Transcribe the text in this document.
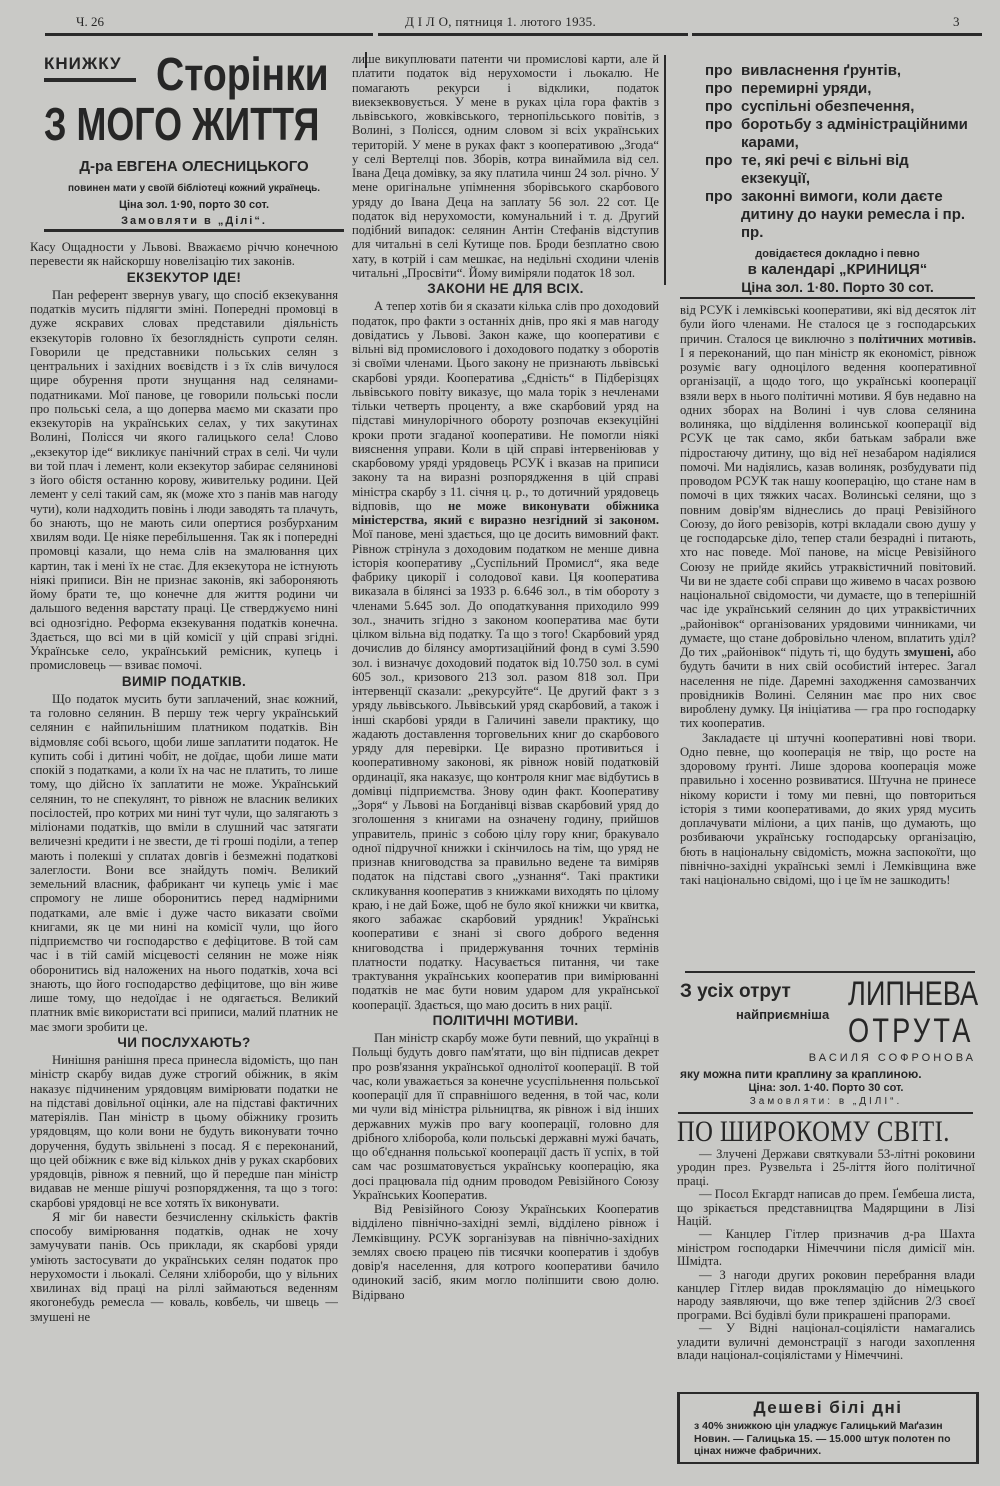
Ч. 26	Д І Л О, пятниця 1. лютого 1935.	3
КНИЖКУ Сторінки
З МОГО ЖИТТЯ
Д-ра ЕВГЕНА ОЛЕСНИЦЬКОГО
повинен мати у своїй бібліотеці кожний українець.
Ціна зол. 1·90, порто 30 сот.
Замовляти в „Ділі“.
про вивласнення ґрунтів,
про перемирні уряди,
про суспільні обезпечення,
про боротьбу з адміністраційними карами,
про те, які речі є вільні від екзекуції,
про законні вимоги, коли даєте дитину до науки ремесла і пр. пр.
довідаєтеся докладно і певно
в календарі „КРИНИЦЯ“
Ціна зол. 1·80. Порто 30 сот.

Касу Ощадности у Львові. Вважаємо річчю конечною перевести як найскоршу новелізацію тих законів.

ЕКЗЕКУТОР ІДЕ!

Пан референт звернув увагу, що спосіб екзекування податків мусить підлягти зміні. Попередні промовці в дуже яскравих словах представили діяльність екзекуторів головно їх безоглядність супроти селян. Говорили це представники польських селян з центральних і західних воєвідств і з їх слів вичулося щире обурення проти знущання над селянами-податниками. Мої панове, це говорили польські посли про польські села, а що доперва маємо ми сказати про екзекуторів на українських селах, у тих закутинах Волині, Полісся чи якого галицького села! Слово „екзекутор іде“ викликує панічний страх в селі. Чи чули ви той плач і лемент, коли екзекутор забирає селянинові з його обістя останню корову, живительку родини. Цей лемент у селі такий сам, як (може хто з панів мав нагоду чути), коли надходить повінь і люди заводять та плачуть, бо знають, що не мають сили опертися розбурханим хвилям води. Це ніяке перебільшення. Так як і попередні промовці казали, що нема слів на змалювання цих картин, так і мені їх не стає. Для екзекутора не істнують ніякі приписи. Він не признає законів, які забороняють йому брати те, що конечне для життя родини чи дальшого ведення варстату праці. Це стверджуємо нині всі однозгідно. Реформа екзекування податків конечна. Здається, що всі ми в цій комісії у цій справі згідні. Українське село, український ремісник, купець і промисловець — взиває помочі.

ВИМІР ПОДАТКІВ.

Що податок мусить бути заплачений, знає кожний, та головно селянин. В першу теж чергу український селянин є найпильнішим платником податків. Він відмовляє собі всього, щоби лише заплатити податок. Не купить собі і дитині чобіт, не доїдає, щоби лише мати спокій з податками, а коли їх на час не платить, то лише тому, що дійсно їх заплатити не може. Український селянин, то не спекулянт, то рівнож не власник великих посілостей, про котрих ми нині тут чули, що залягають з міліонами податків, що вміли в слушний час затягати величезні кредити і не звести, де ті гроші поділи, а тепер мають і полекші у сплатах довгів і безмежні податкові залеглости. Вони все знайдуть поміч. Великий земельний власник, фабрикант чи купець уміє і має спромогу не лише оборонитись перед надмірними податками, але вміє і дуже часто виказати своїми книгами, як це ми нині на комісії чули, що його підприємство чи господарство є дефіцитове. В той сам час і в тій самій місцевості селянин не може ніяк оборонитись від наложених на нього податків, хоча всі знають, що його господарство дефіцитове, що він живе лише тому, що недоїдає і не одягається. Великий платник вміє використати всі приписи, малий платник не має змоги зробити це.

ЧИ ПОСЛУХАЮТЬ?

Нинішня ранішня преса принесла відомість, що пан міністр скарбу видав дуже строгий обіжник, в якім наказує підчиненим урядовцям вимірювати податки не на підставі довільної оцінки, але на підставі фактичних матеріялів. Пан міністр в цьому обіжнику грозить урядовцям, що коли вони не будуть виконувати точно доручення, будуть звільнені з посад. Я є переконаний, що цей обіжник є вже від кількох днів у руках скарбових урядовців, рівнож я певний, що й передше пан міністр видавав не менше рішучі розпорядження, та що з того: скарбові урядовці не все хотять їх виконувати.

Я міг би навести безчисленну скількість фактів способу вимірювання податків, однак не хочу замучувати панів. Ось приклади, як скарбові уряди уміють застосувати до українських селян податок про нерухомости і льокалі. Селяни хлібороби, що у вільних хвилинах від праці на ріллі займаються веденням якогонебудь ремесла — коваль, ковбель, чи швець — змушені не

лише викуплювати патенти чи промислові карти, але й платити податок від нерухомости і льокалю. Не помагають рекурси і відклики, податок виекзеквовується. У мене в руках ціла гора фактів з львівського, жовківського, тернопільського повітів, з Волині, з Полісся, одним словом зі всіх українських територій. У мене в руках факт з кооперативою „Згода“ у селі Вертелці пов. Зборів, котра винаймила від сел. Івана Деца домівку, за яку платила чинш 24 зол. річно. У мене оригінальне упімнення зборівського скарбового уряду до Івана Деца на заплату 56 зол. 22 сот. Це податок від нерухомости, комунальний і т. д. Другий подібний випадок: селянин Антін Стефанів відступив для читальні в селі Кутище пов. Броди безплатно свою хату, в котрій і сам мешкає, на недільні сходини членів читальні „Просвіти“. Йому виміряли податок 18 зол.

ЗАКОНИ НЕ ДЛЯ ВСІХ.

А тепер хотів би я сказати кілька слів про доходовий податок, про факти з останніх днів, про які я мав нагоду довідатись у Львові. Закон каже, що кооперативи є вільні від промислового і доходового податку з оборотів зі своїми членами. Цього закону не признають львівські скарбові уряди. Кооператива „Єдність“ в Підберізцях львівського повіту виказує, що мала торік з нечленами тільки четверть проценту, а вже скарбовий уряд на підставі минулорічного обороту розпочав екзекуційні кроки проти згаданої кооперативи. Не помогли ніякі вияснення управи. Коли в цій справі інтервеніював у скарбовому уряді урядовець РСУК і вказав на приписи закону та на виразні розпорядження в цій справі міністра скарбу з 11. січня ц. р., то дотичний урядовець відповів, що не може виконувати обіжника міністерства, який є виразно незгідний зі законом. Мої панове, мені здається, що це досить вимовний факт. Рівнож стрінула з доходовим податком не менше дивна історія кооперативу „Суспільний Промисл“, яка веде фабрику цикорії і солодової кави. Ця кооператива виказала в білянсі за 1933 р. 6.646 зол., в тім обороту з членами 5.645 зол. До оподаткування приходило 999 зол., значить згідно з законом кооператива має бути цілком вільна від податку. Та що з того! Скарбовий уряд дочислив до білянсу амортизаційний фонд в сумі 3.590 зол. і визначує доходовий податок від 10.750 зол. в сумі 605 зол., кризового 213 зол. разом 818 зол. При інтервенції сказали: „рекурсуйте“. Це другий факт з з уряду львівського. Львівський уряд скарбовий, а також і інші скарбові уряди в Галичині завели практику, що жадають доставлення торговельних книг до скарбового уряду для перевірки. Це виразно противиться і кооперативному законові, як рівнож новій податковій ординації, яка наказує, що контроля книг має відбутись в домівці підприємства. Знову один факт. Кооперативу „Зоря“ у Львові на Богданівці візвав скарбовий уряд до зголошення з книгами на означену годину, прийшов управитель, приніс з собою цілу гору книг, бракувало одної підручної книжки і скінчилось на тім, що уряд не признав книговодства за правильно ведене та виміряв податок на підставі свого „узнання“. Такі практики скликування кооператив з книжками виходять по цілому краю, і не дай Боже, щоб не було якої книжки чи квитка, якого забажає скарбовий урядник! Українські кооперативи є знані зі свого доброго ведення книговодства і придержування точних термінів платности податку. Насувається питання, чи таке трактування українських кооператив при вимірюванні податків не має бути новим ударом для української кооперації. Здається, що маю досить в них рації.

ПОЛІТИЧНІ МОТИВИ.

Пан міністр скарбу може бути певний, що українці в Польщі будуть довго пам'ятати, що він підписав декрет про розв'язання української однолітої кооперації. В той час, коли уважається за конечне усуспільнення польської кооперації для її справнішого ведення, в той час, коли ми чули від міністра рільництва, як рівнож і від інших державних мужів про вагу кооперації, головно для дрібного хлібороба, коли польські державні мужі бачать, що об'єднання польської кооперації дасть її успіх, в той сам час розшматовується українську кооперацію, яка досі працювала під одним проводом Ревізійного Союзу Українських Кооператив.

Від Ревізійного Союзу Українських Кооператив відділено північно-західні землі, відділено рівнож і Лемківщину. РСУК зорганізував на північно-західних землях своєю працею пів тисячки кооператив і здобув довір'я населення, для котрого кооперативи бачило одинокий засіб, яким могло поліпшити свою долю. Відірвано

від РСУК і лемківські кооперативи, які від десяток літ були його членами. Не сталося це з господарських причин. Сталося це виключно з політичних мотивів. І я переконаний, що пан міністр як економіст, рівнож розуміє вагу одноцілого ведення кооперативної організації, а щодо того, що українські кооперації взяли верх в нього політичні мотиви. Я був недавно на одних зборах на Волині і чув слова селянина волиняка, що відділення волинської кооперації від РСУК це так само, якби батькам забрали вже підростаючу дитину, що від неї незабаром надіялися помочі. Ми надіялись, казав волиняк, розбудувати під проводом РСУК так нашу кооперацію, що стане нам в помочі в цих тяжких часах. Волинські селяни, що з повним довір'ям віднеслись до праці Ревізійного Союзу, до його ревізорів, котрі вкладали свою душу у це господарське діло, тепер стали безрадні і питають, хто нас поведе. Мої панове, на місце Ревізійного Союзу не прийде якийсь утраквістичний повітовий. Чи ви не здаєте собі справи що живемо в часах розвою національної свідомости, чи думаєте, що в теперішній час іде український селянин до цих утраквістичних „районівок“ організованих урядовими чинниками, чи думаєте, що стане добровільно членом, вплатить уділ? До тих „районівок“ підуть ті, що будуть змушені, або будуть бачити в них свій особистий інтерес. Загал населення не піде. Даремні заходження самозванчих провідників Волині. Селянин має про них своє вироблену думку. Ця ініціатива — гра про господарку тих кооператив.

Закладаєте ці штучні кооперативні нові твори. Одно певне, що кооперація не твір, що росте на здоровому ґрунті. Лише здорова кооперація може правильно і хосенно розвиватися. Штучна не принесе нікому користи і тому ми певні, що повториться історія з тими кооперативами, до яких уряд мусить доплачувати міліони, а цих панів, що думають, що розбиваючи українську господарську організацію, бють в національну свідомість, можна заспокоїти, що північно-західні українські землі і Лемківщина вже такі національно свідомі, що і це їм не зашкодить!

З усіх отрут
найприємніша
ЛИПНЕВА
ОТРУТА
ВАСИЛЯ СОФРОНОВА
яку можна пити краплину за краплиною.
Ціна: зол. 1·40. Порто 30 сот.
Замовляти: в „ДІЛІ“.
ПО ШИРОКОМУ СВІТІ.

— Злучені Держави святкували 53-літні роковини уродин през. Рузвельта і 25-ліття його політичної праці.

— Посол Екгардт написав до прем. Ґембеша листа, що зрікається представництва Мадярщини в Лізі Націй.

— Канцлер Гітлер призначив д-ра Шахта міністром господарки Німеччини після димісії мін. Шмідта.

— З нагоди других роковин перебрання влади канцлер Гітлер видав проклямацію до німецького народу заявляючи, що вже тепер здійснив 2/3 своєї програми. Всі будівлі були прикрашені прапорами.

— У Відні націонал-соціялісти намагались уладити вуличні демонстрації з нагоди захоплення влади націонал-соціялістами у Німеччині.

Дешеві білі дні
з 40% знижкою цін уладжує Галицький Маґазин Новин. — Галицька 15. — 15.000 штук полотен по цінах нижче фабричних.
